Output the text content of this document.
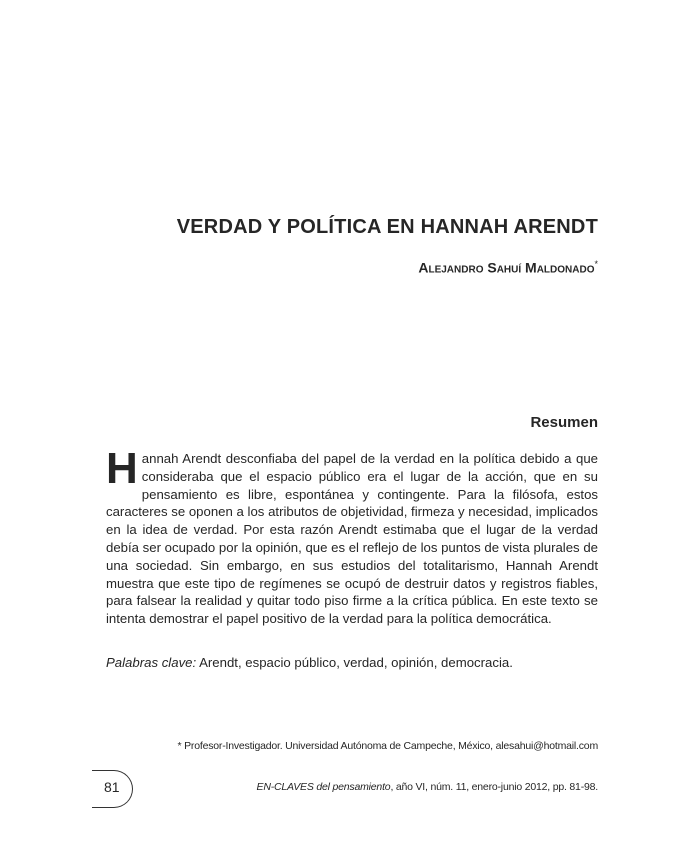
VERDAD Y POLÍTICA EN HANNAH ARENDT
Alejandro Sahuí Maldonado*
Resumen
Hannah Arendt desconfiaba del papel de la verdad en la política debido a que consideraba que el espacio público era el lugar de la acción, que en su pensamiento es libre, espontánea y contingente. Para la filósofa, estos caracteres se oponen a los atributos de objetividad, firmeza y necesidad, implicados en la idea de verdad. Por esta razón Arendt estimaba que el lugar de la verdad debía ser ocupado por la opinión, que es el reflejo de los puntos de vista plurales de una sociedad. Sin embargo, en sus estudios del totalitarismo, Hannah Arendt muestra que este tipo de regímenes se ocupó de destruir datos y registros fiables, para falsear la realidad y quitar todo piso firme a la crítica pública. En este texto se intenta demostrar el papel positivo de la verdad para la política democrática.
Palabras clave: Arendt, espacio público, verdad, opinión, democracia.
* Profesor-Investigador. Universidad Autónoma de Campeche, México, alesahui@hotmail.com
81	EN-CLAVES del pensamiento, año VI, núm. 11, enero-junio 2012, pp. 81-98.
